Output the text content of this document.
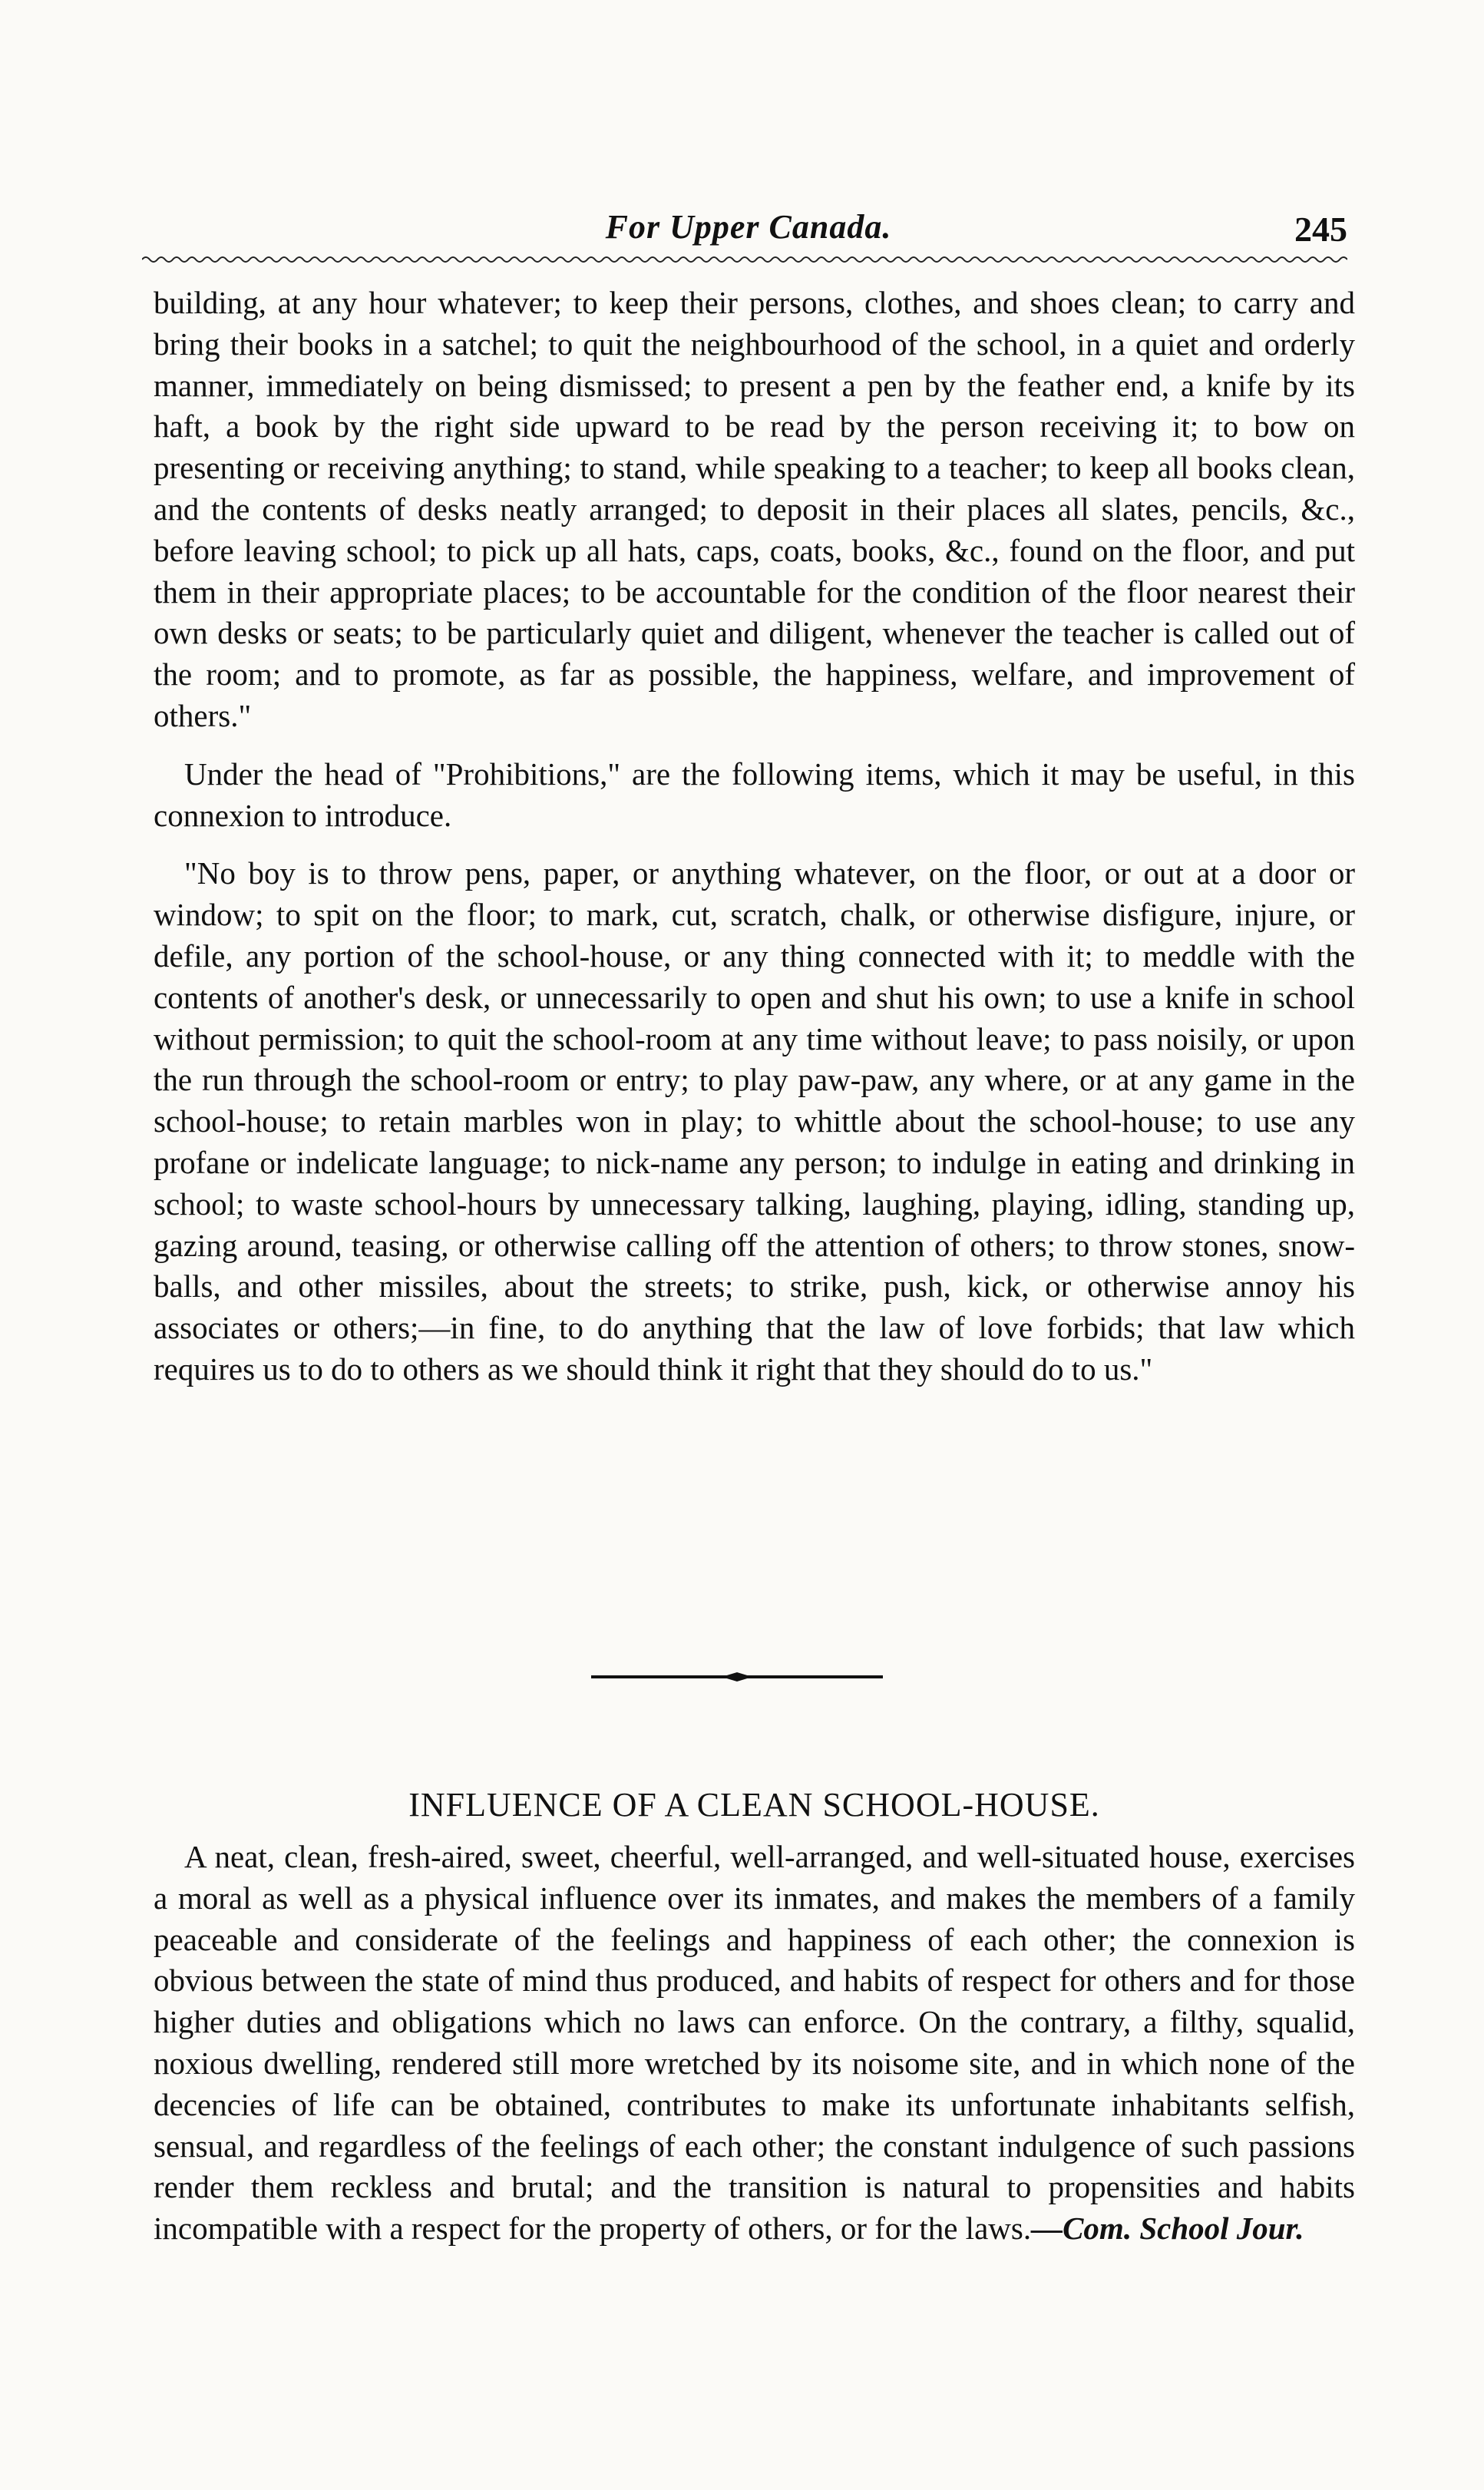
For Upper Canada.	245

building, at any hour whatever; to keep their persons, clothes, and shoes clean; to carry and bring their books in a satchel; to quit the neighbourhood of the school, in a quiet and orderly manner, immediately on being dismissed; to present a pen by the feather end, a knife by its haft, a book by the right side upward to be read by the person receiving it; to bow on presenting or receiving anything; to stand, while speaking to a teacher; to keep all books clean, and the contents of desks neatly arranged; to deposit in their places all slates, pencils, &c., before leaving school; to pick up all hats, caps, coats, books, &c., found on the floor, and put them in their appropriate places; to be accountable for the condition of the floor nearest their own desks or seats; to be particularly quiet and diligent, whenever the teacher is called out of the room; and to promote, as far as possible, the happiness, welfare, and improvement of others."

Under the head of "Prohibitions," are the following items, which it may be useful, in this connexion to introduce.

"No boy is to throw pens, paper, or anything whatever, on the floor, or out at a door or window; to spit on the floor; to mark, cut, scratch, chalk, or otherwise disfigure, injure, or defile, any portion of the school-house, or any thing connected with it; to meddle with the contents of another's desk, or unnecessarily to open and shut his own; to use a knife in school without permission; to quit the school-room at any time without leave; to pass noisily, or upon the run through the school-room or entry; to play paw-paw, any where, or at any game in the school-house; to retain marbles won in play; to whittle about the school-house; to use any profane or indelicate language; to nick-name any person; to indulge in eating and drinking in school; to waste school-hours by unnecessary talking, laughing, playing, idling, standing up, gazing around, teasing, or otherwise calling off the attention of others; to throw stones, snow-balls, and other missiles, about the streets; to strike, push, kick, or otherwise annoy his associates or others;—in fine, to do anything that the law of love forbids; that law which requires us to do to others as we should think it right that they should do to us."

INFLUENCE OF A CLEAN SCHOOL-HOUSE.

A neat, clean, fresh-aired, sweet, cheerful, well-arranged, and well-situated house, exercises a moral as well as a physical influence over its inmates, and makes the members of a family peaceable and considerate of the feelings and happiness of each other; the connexion is obvious between the state of mind thus produced, and habits of respect for others and for those higher duties and obligations which no laws can enforce. On the contrary, a filthy, squalid, noxious dwelling, rendered still more wretched by its noisome site, and in which none of the decencies of life can be obtained, contributes to make its unfortunate inhabitants selfish, sensual, and regardless of the feelings of each other; the constant indulgence of such passions render them reckless and brutal; and the transition is natural to propensities and habits incompatible with a respect for the property of others, or for the laws.—Com. School Jour.
